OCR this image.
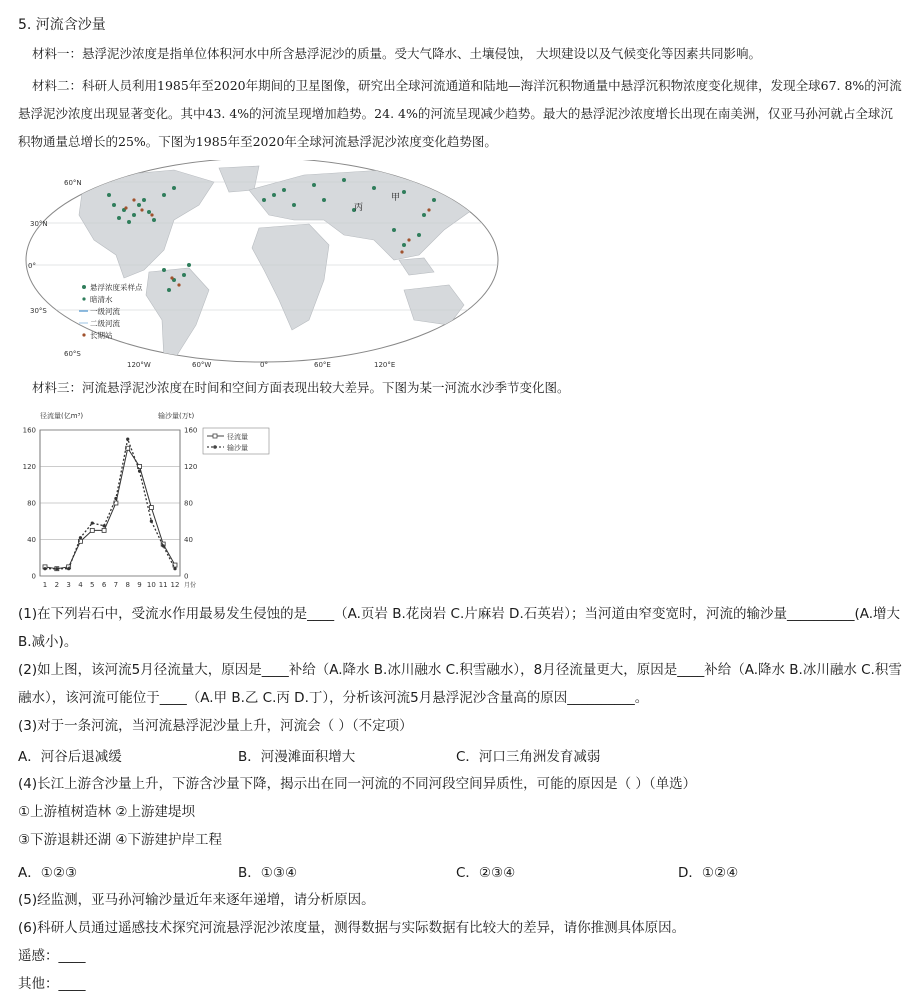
5. 河流含沙量
材料一：悬浮泥沙浓度是指单位体积河水中所含悬浮泥沙的质量。受大气降水、土壤侵蚀， 大坝建设以及气候变化等因素共同影响。
材料二：科研人员利用1985年至2020年期间的卫星图像，研究出全球河流通道和陆地—海洋沉积物通量中悬浮沉积物浓度变化规律，发现全球67. 8%的河流悬浮泥沙浓度出现显著变化。其中43. 4%的河流呈现增加趋势。24. 4%的河流呈现减少趋势。最大的悬浮泥沙浓度增长出现在南美洲，仅亚马孙河就占全球沉积物通量总增长的25%。下图为1985年至2020年全球河流悬浮泥沙浓度变化趋势图。
60°N
30°N
0°
30°S
60°S
120°W	60°W	0°	60°E	120°E
丙
甲
悬浮浓度采样点
暗清水
一级河流
二级河流
长期站
材料三：河流悬浮泥沙浓度在时间和空间方面表现出较大差异。下图为某一河流水沙季节变化图。
径流量(亿m³)	输沙量(万t)
0	0
40	40
80	80
120	120
160	160
1 2 3 4 5 6 7 8 9 10 11 12 月份
径流量
输沙量
(1)在下列岩石中，受流水作用最易发生侵蚀的是____（A.页岩 B.花岗岩 C.片麻岩 D.石英岩）；当河道由窄变宽时，河流的输沙量__________(A.增大 B.减小)。
(2)如上图，该河流5月径流量大，原因是____补给（A.降水 B.冰川融水 C.积雪融水），8月径流量更大，原因是____补给（A.降水 B.冰川融水 C.积雪融水），该河流可能位于____（A.甲 B.乙 C.丙 D.丁），分析该河流5月悬浮泥沙含量高的原因__________。
(3)对于一条河流，当河流悬浮泥沙量上升，河流会（ ）（不定项）
A．河谷后退减缓	B．河漫滩面积增大	C．河口三角洲发育减弱
(4)长江上游含沙量上升，下游含沙量下降，揭示出在同一河流的不同河段空间异质性，可能的原因是（ ）（单选）
①上游植树造林 ②上游建堤坝
③下游退耕还湖 ④下游建护岸工程
A．①②③	B．①③④	C．②③④	D．①②④
(5)经监测，亚马孙河输沙量近年来逐年递增，请分析原因。
(6)科研人员通过遥感技术探究河流悬浮泥沙浓度量，测得数据与实际数据有比较大的差异，请你推测具体原因。
遥感：____
其他：____
